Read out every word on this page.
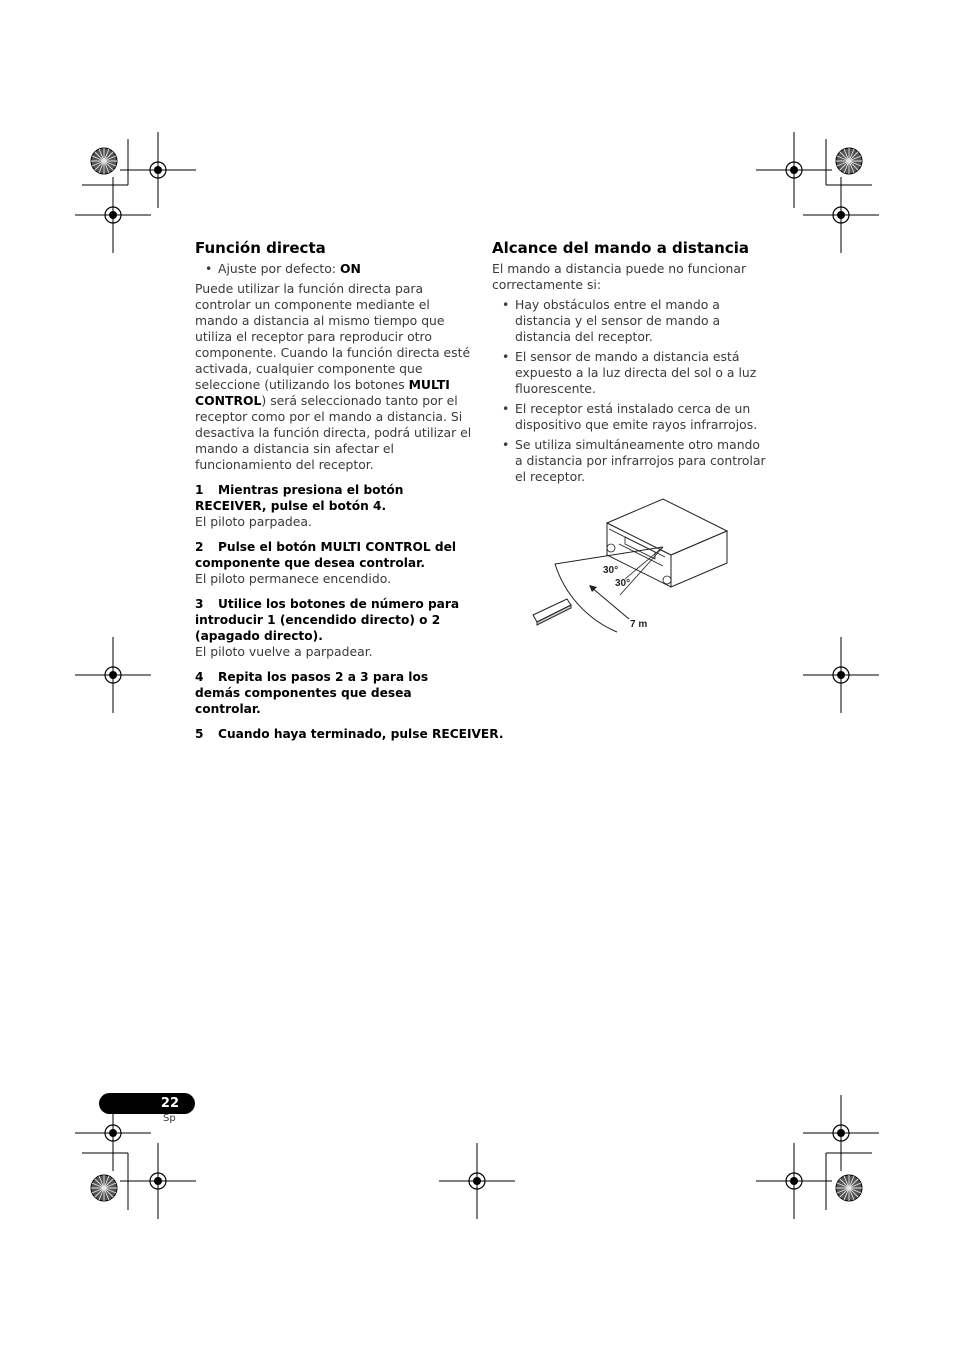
Función directa

• Ajuste por defecto: ON

Puede utilizar la función directa para controlar un componente mediante el mando a distancia al mismo tiempo que utiliza el receptor para reproducir otro componente. Cuando la función directa esté activada, cualquier componente que seleccione (utilizando los botones MULTI CONTROL) será seleccionado tanto por el receptor como por el mando a distancia. Si desactiva la función directa, podrá utilizar el mando a distancia sin afectar el funcionamiento del receptor.

1 Mientras presiona el botón RECEIVER, pulse el botón 4.

El piloto parpadea.

2 Pulse el botón MULTI CONTROL del componente que desea controlar.

El piloto permanece encendido.

3 Utilice los botones de número para introducir 1 (encendido directo) o 2 (apagado directo).

El piloto vuelve a parpadear.

4 Repita los pasos 2 a 3 para los demás componentes que desea controlar.

5 Cuando haya terminado, pulse RECEIVER.

Alcance del mando a distancia

El mando a distancia puede no funcionar correctamente si:

• Hay obstáculos entre el mando a distancia y el sensor de mando a distancia del receptor.

• El sensor de mando a distancia está expuesto a la luz directa del sol o a luz fluorescente.

• El receptor está instalado cerca de un dispositivo que emite rayos infrarrojos.

• Se utiliza simultáneamente otro mando a distancia por infrarrojos para controlar el receptor.

30°
30°
7 m
22
Sp
